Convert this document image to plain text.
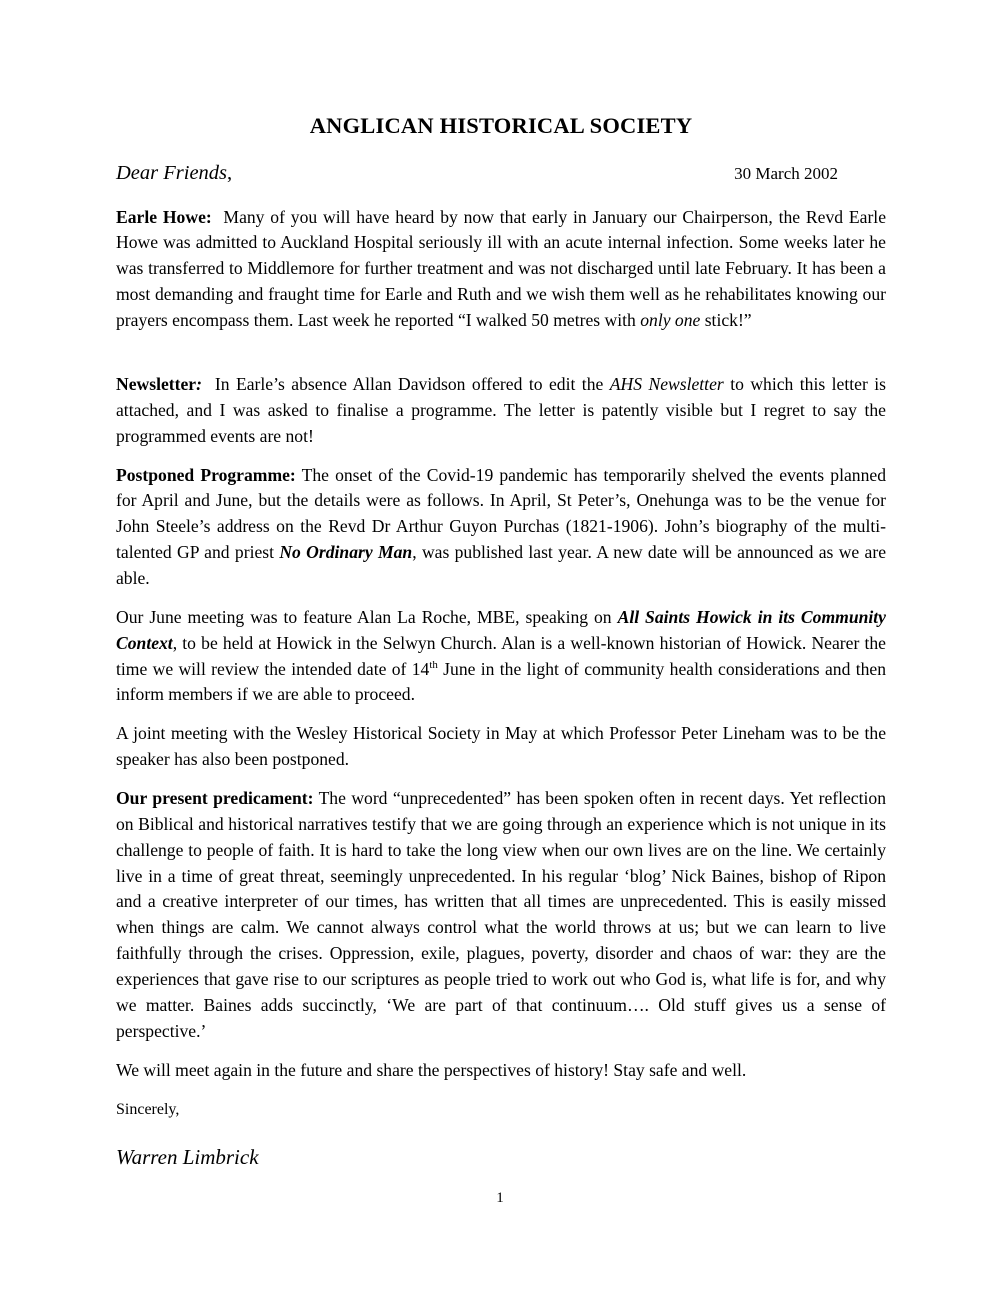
ANGLICAN HISTORICAL SOCIETY
Dear Friends,	30 March 2002

Earle Howe: Many of you will have heard by now that early in January our Chairperson, the Revd Earle Howe was admitted to Auckland Hospital seriously ill with an acute internal infection. Some weeks later he was transferred to Middlemore for further treatment and was not discharged until late February. It has been a most demanding and fraught time for Earle and Ruth and we wish them well as he rehabilitates knowing our prayers encompass them. Last week he reported “I walked 50 metres with only one stick!”

Newsletter: In Earle’s absence Allan Davidson offered to edit the AHS Newsletter to which this letter is attached, and I was asked to finalise a programme. The letter is patently visible but I regret to say the programmed events are not!

Postponed Programme: The onset of the Covid-19 pandemic has temporarily shelved the events planned for April and June, but the details were as follows. In April, St Peter’s, Onehunga was to be the venue for John Steele’s address on the Revd Dr Arthur Guyon Purchas (1821-1906). John’s biography of the multi-talented GP and priest No Ordinary Man, was published last year. A new date will be announced as we are able.

Our June meeting was to feature Alan La Roche, MBE, speaking on All Saints Howick in its Community Context, to be held at Howick in the Selwyn Church. Alan is a well-known historian of Howick. Nearer the time we will review the intended date of 14th June in the light of community health considerations and then inform members if we are able to proceed.

A joint meeting with the Wesley Historical Society in May at which Professor Peter Lineham was to be the speaker has also been postponed.

Our present predicament: The word “unprecedented” has been spoken often in recent days. Yet reflection on Biblical and historical narratives testify that we are going through an experience which is not unique in its challenge to people of faith. It is hard to take the long view when our own lives are on the line. We certainly live in a time of great threat, seemingly unprecedented. In his regular ‘blog’ Nick Baines, bishop of Ripon and a creative interpreter of our times, has written that all times are unprecedented. This is easily missed when things are calm. We cannot always control what the world throws at us; but we can learn to live faithfully through the crises. Oppression, exile, plagues, poverty, disorder and chaos of war: they are the experiences that gave rise to our scriptures as people tried to work out who God is, what life is for, and why we matter. Baines adds succinctly, ‘We are part of that continuum…. Old stuff gives us a sense of perspective.’

We will meet again in the future and share the perspectives of history! Stay safe and well.

Sincerely,

Warren Limbrick

1
